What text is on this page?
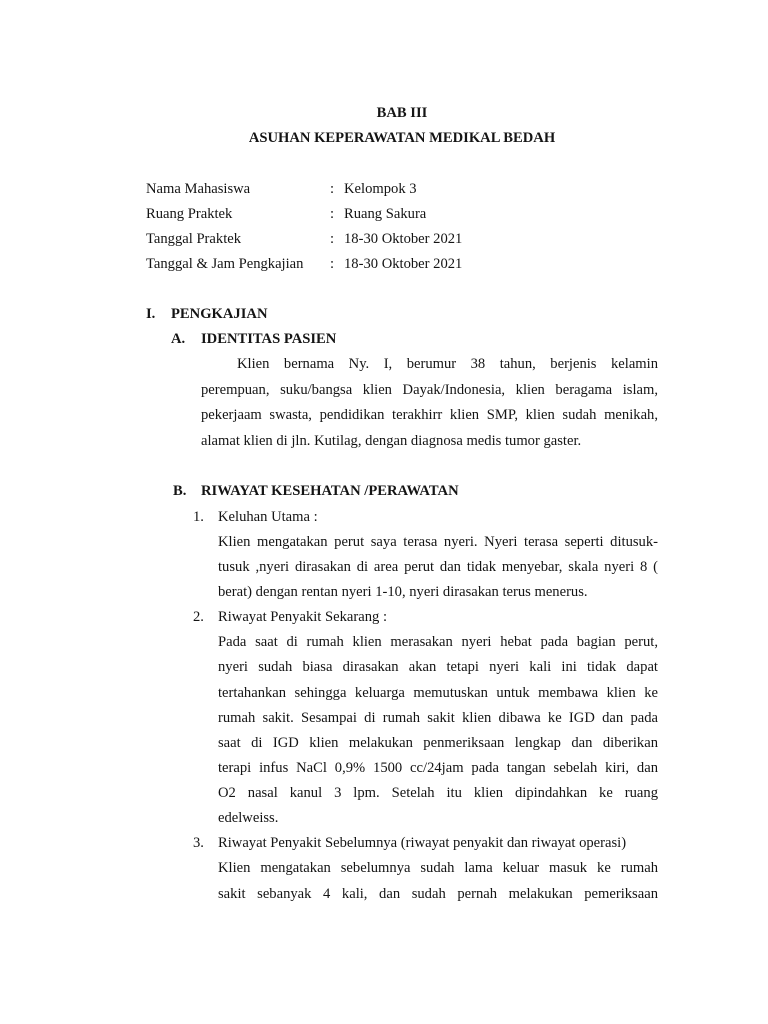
BAB III
ASUHAN KEPERAWATAN MEDIKAL BEDAH
Nama Mahasiswa	: Kelompok 3
Ruang Praktek	: Ruang Sakura
Tanggal Praktek	: 18-30 Oktober 2021
Tanggal & Jam Pengkajian : 18-30 Oktober 2021
I. PENGKAJIAN
A. IDENTITAS PASIEN
Klien bernama Ny. I, berumur 38 tahun, berjenis kelamin
perempuan, suku/bangsa klien Dayak/Indonesia, klien beragama islam,
pekerjaam swasta, pendidikan terakhirr klien SMP, klien sudah menikah,
alamat klien di jln. Kutilag, dengan diagnosa medis tumor gaster.
B. RIWAYAT KESEHATAN /PERAWATAN
1. Keluhan Utama :
Klien mengatakan perut saya terasa nyeri. Nyeri terasa seperti ditusuk-
tusuk ,nyeri dirasakan di area perut dan tidak menyebar, skala nyeri 8 (
berat) dengan rentan nyeri 1-10, nyeri dirasakan terus menerus.
2. Riwayat Penyakit Sekarang :
Pada saat di rumah klien merasakan nyeri hebat pada bagian perut,
nyeri sudah biasa dirasakan akan tetapi nyeri kali ini tidak dapat
tertahankan sehingga keluarga memutuskan untuk membawa klien ke
rumah sakit. Sesampai di rumah sakit klien dibawa ke IGD dan pada
saat di IGD klien melakukan penmeriksaan lengkap dan diberikan
terapi infus NaCl 0,9% 1500 cc/24jam pada tangan sebelah kiri, dan
O2 nasal kanul 3 lpm. Setelah itu klien dipindahkan ke ruang
edelweiss.
3. Riwayat Penyakit Sebelumnya (riwayat penyakit dan riwayat operasi)
Klien mengatakan sebelumnya sudah lama keluar masuk ke rumah
sakit sebanyak 4 kali, dan sudah pernah melakukan pemeriksaan
